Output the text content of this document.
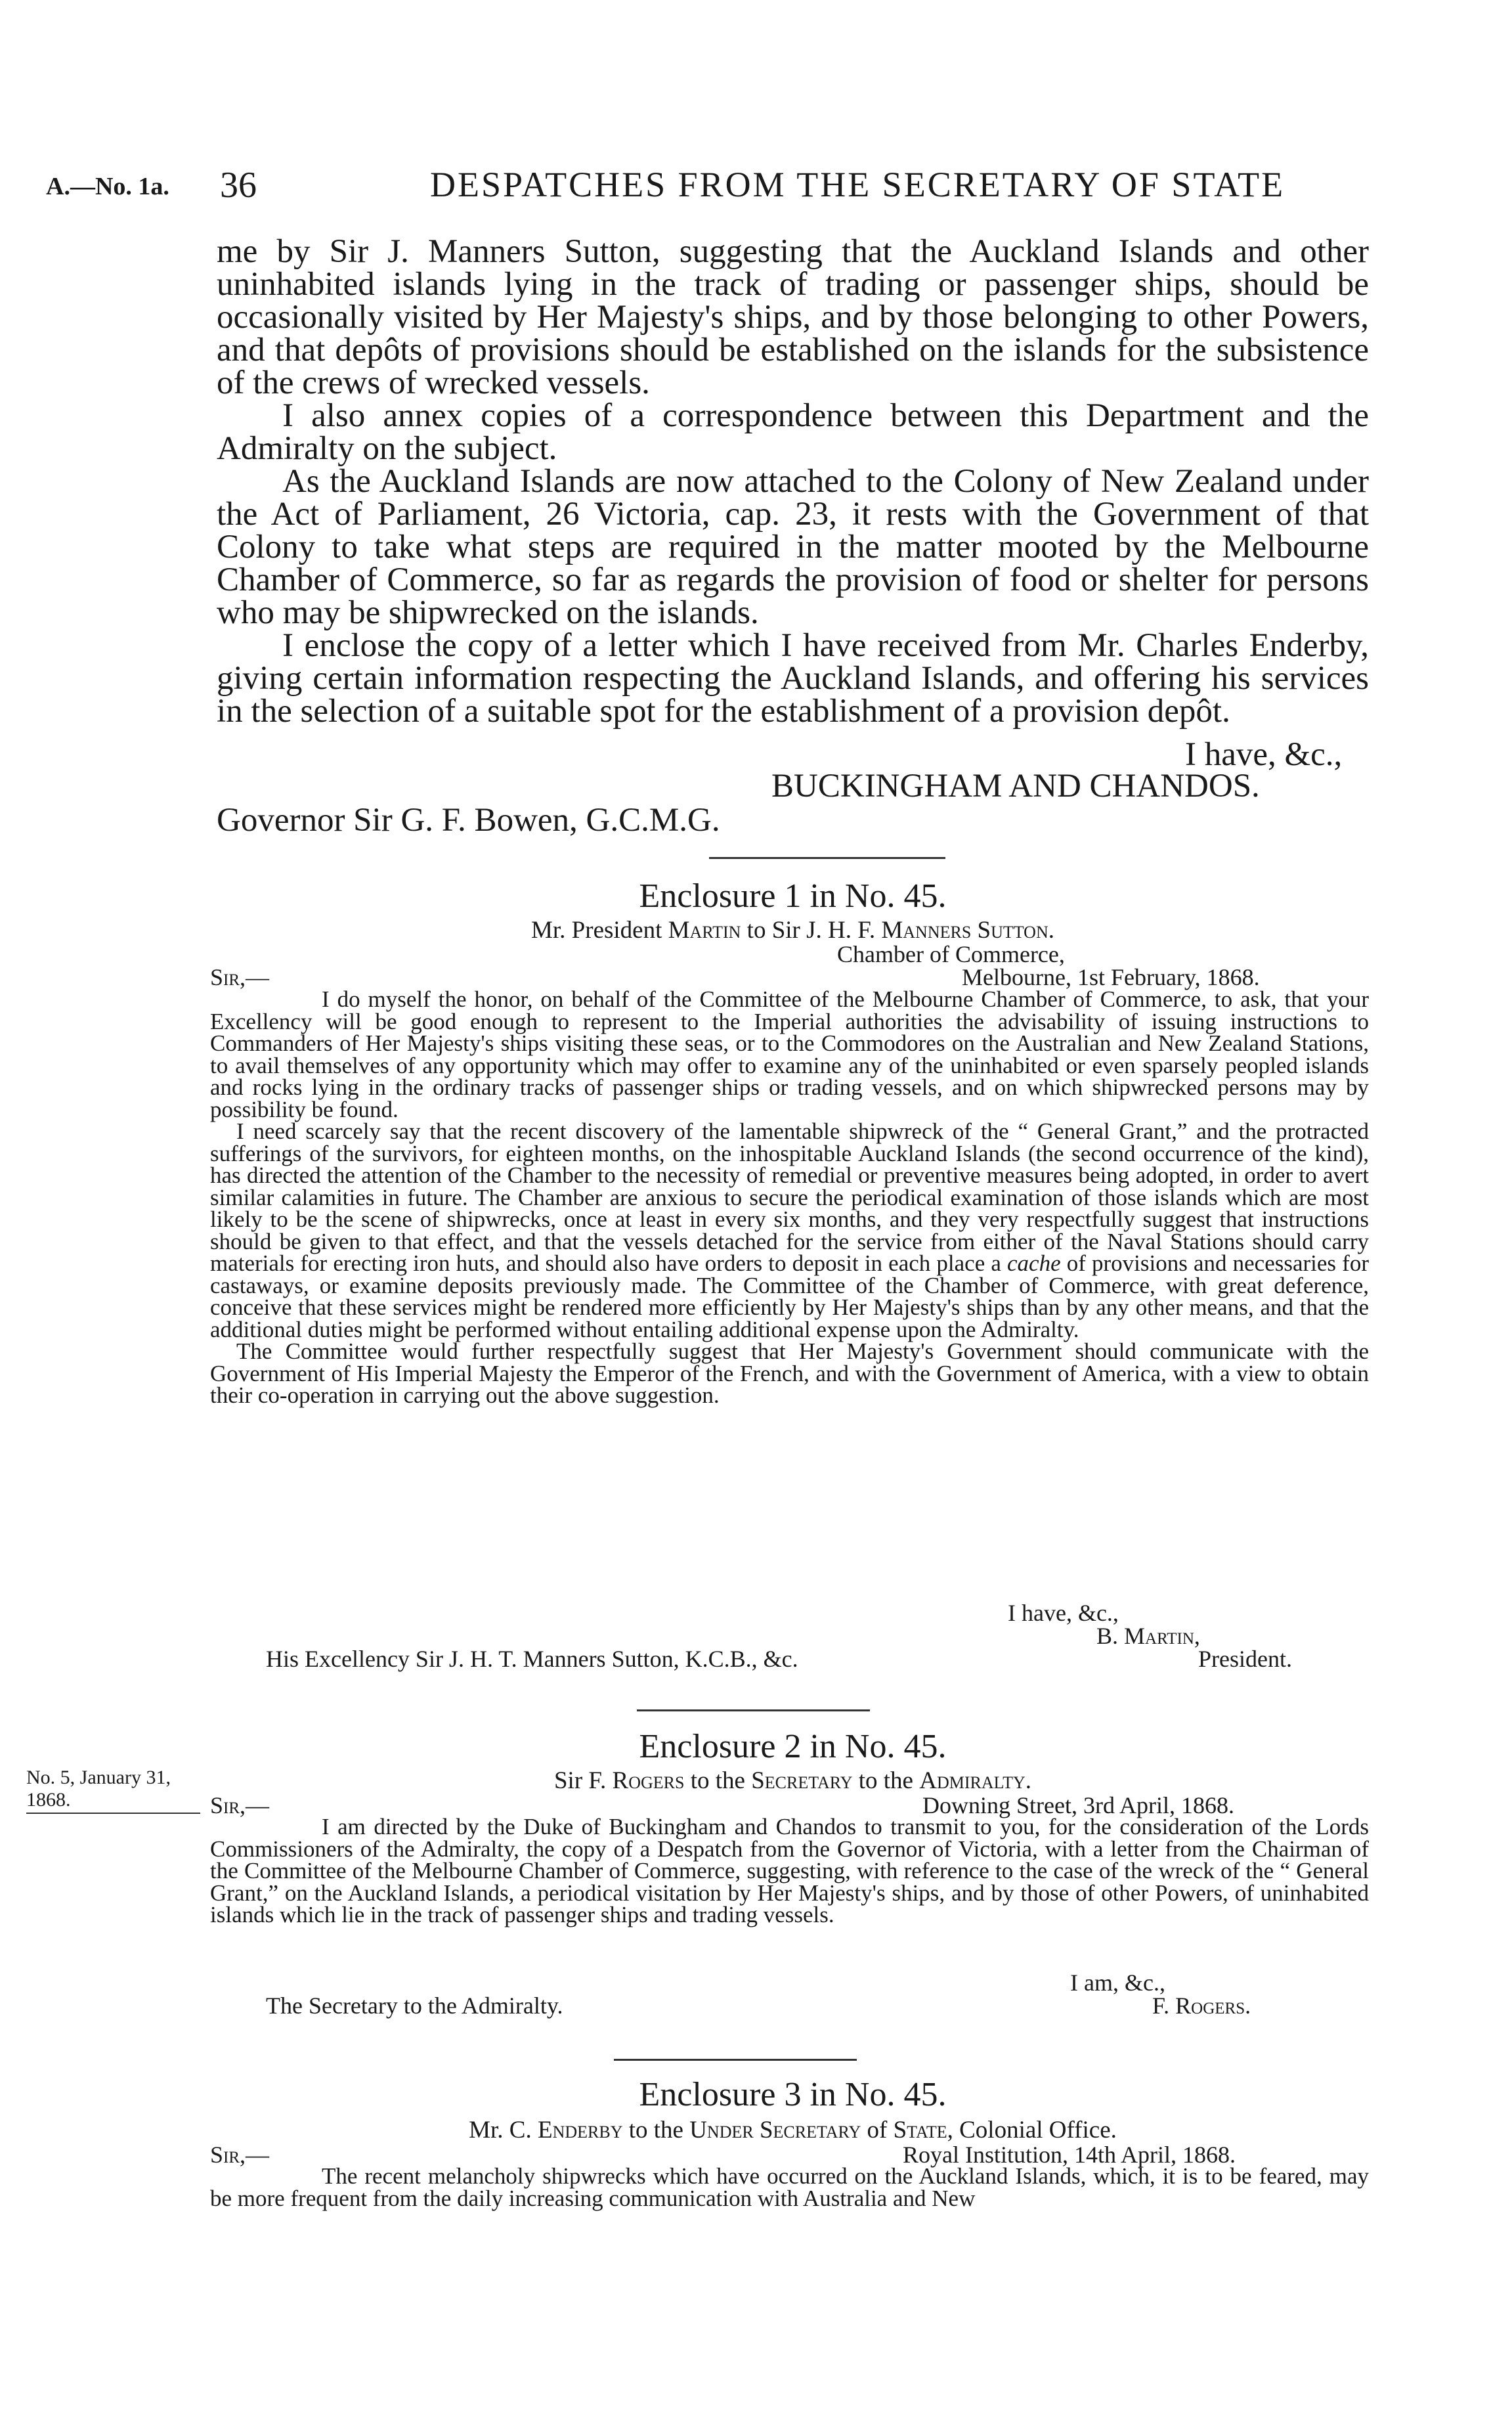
A.—No. 1a. 36	DESPATCHES FROM THE SECRETARY OF STATE

me by Sir J. Manners Sutton, suggesting that the Auckland Islands and other uninhabited islands lying in the track of trading or passenger ships, should be occasionally visited by Her Majesty's ships, and by those belonging to other Powers, and that depôts of provisions should be established on the islands for the subsistence of the crews of wrecked vessels.

I also annex copies of a correspondence between this Department and the Admiralty on the subject.

As the Auckland Islands are now attached to the Colony of New Zealand under the Act of Parliament, 26 Victoria, cap. 23, it rests with the Government of that Colony to take what steps are required in the matter mooted by the Melbourne Chamber of Commerce, so far as regards the provision of food or shelter for persons who may be shipwrecked on the islands.

I enclose the copy of a letter which I have received from Mr. Charles Enderby, giving certain information respecting the Auckland Islands, and offering his services in the selection of a suitable spot for the establishment of a provision depôt.

I have, &c.,
BUCKINGHAM AND CHANDOS.
Governor Sir G. F. Bowen, G.C.M.G.
Enclosure 1 in No. 45.
Mr. President Martin to Sir J. H. F. Manners Sutton.
Chamber of Commerce,
Sir,—	Melbourne, 1st February, 1868.

I do myself the honor, on behalf of the Committee of the Melbourne Chamber of Commerce, to ask, that your Excellency will be good enough to represent to the Imperial authorities the advisability of issuing instructions to Commanders of Her Majesty's ships visiting these seas, or to the Commodores on the Australian and New Zealand Stations, to avail themselves of any opportunity which may offer to examine any of the uninhabited or even sparsely peopled islands and rocks lying in the ordinary tracks of passenger ships or trading vessels, and on which shipwrecked persons may by possibility be found.

I need scarcely say that the recent discovery of the lamentable shipwreck of the “ General Grant,” and the protracted sufferings of the survivors, for eighteen months, on the inhospitable Auckland Islands (the second occurrence of the kind), has directed the attention of the Chamber to the necessity of remedial or preventive measures being adopted, in order to avert similar calamities in future. The Chamber are anxious to secure the periodical examination of those islands which are most likely to be the scene of shipwrecks, once at least in every six months, and they very respectfully suggest that instructions should be given to that effect, and that the vessels detached for the service from either of the Naval Stations should carry materials for erecting iron huts, and should also have orders to deposit in each place a cache of provisions and necessaries for castaways, or examine deposits previously made. The Committee of the Chamber of Commerce, with great deference, conceive that these services might be rendered more efficiently by Her Majesty's ships than by any other means, and that the additional duties might be performed without entailing additional expense upon the Admiralty.

The Committee would further respectfully suggest that Her Majesty's Government should communicate with the Government of His Imperial Majesty the Emperor of the French, and with the Government of America, with a view to obtain their co-operation in carrying out the above suggestion.

I have, &c.,
B. Martin,
His Excellency Sir J. H. T. Manners Sutton, K.C.B., &c.	President.
Enclosure 2 in No. 45.
Sir F. Rogers to the Secretary to the Admiralty.
Sir,—	Downing Street, 3rd April, 1868.
No. 5, January 31, 1868.

I am directed by the Duke of Buckingham and Chandos to transmit to you, for the consideration of the Lords Commissioners of the Admiralty, the copy of a Despatch from the Governor of Victoria, with a letter from the Chairman of the Committee of the Melbourne Chamber of Commerce, suggesting, with reference to the case of the wreck of the “ General Grant,” on the Auckland Islands, a periodical visitation by Her Majesty's ships, and by those of other Powers, of uninhabited islands which lie in the track of passenger ships and trading vessels.

I am, &c.,
The Secretary to the Admiralty.	F. Rogers.
Enclosure 3 in No. 45.
Mr. C. Enderby to the Under Secretary of State, Colonial Office.
Sir,—	Royal Institution, 14th April, 1868.

The recent melancholy shipwrecks which have occurred on the Auckland Islands, which, it is to be feared, may be more frequent from the daily increasing communication with Australia and New
